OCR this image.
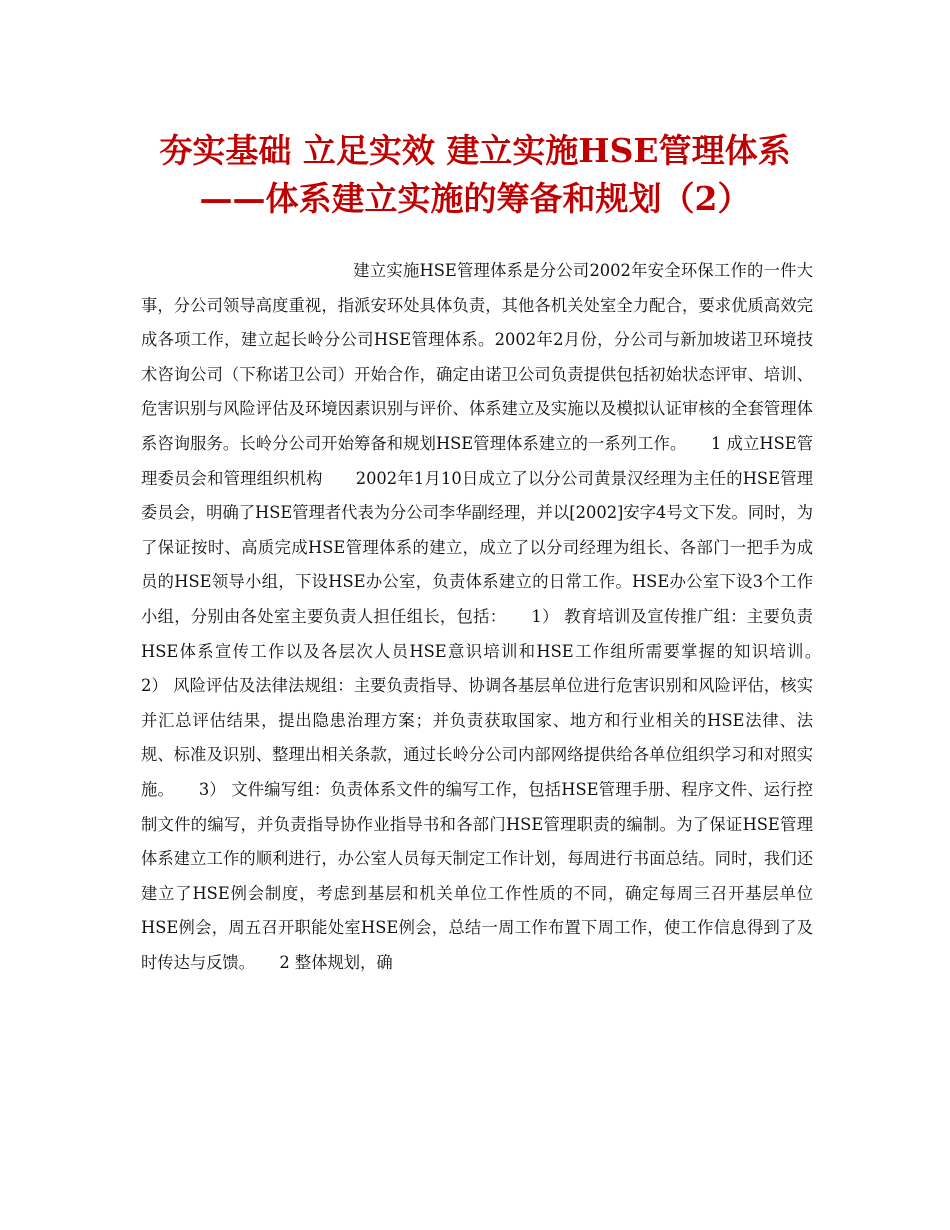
夯实基础 立足实效 建立实施HSE管理体系
——体系建立实施的筹备和规划（2）

建立实施HSE管理体系是分公司2002年安全环保工作的一件大事，分公司领导高度重视，指派安环处具体负责，其他各机关处室全力配合，要求优质高效完成各项工作，建立起长岭分公司HSE管理体系。2002年2月份，分公司与新加坡诺卫环境技术咨询公司（下称诺卫公司）开始合作，确定由诺卫公司负责提供包括初始状态评审、培训、危害识别与风险评估及环境因素识别与评价、体系建立及实施以及模拟认证审核的全套管理体系咨询服务。长岭分公司开始筹备和规划HSE管理体系建立的一系列工作。　　1 成立HSE管理委员会和管理组织机构　　2002年1月10日成立了以分公司黄景汉经理为主任的HSE管理委员会，明确了HSE管理者代表为分公司李华副经理，并以[2002]安字4号文下发。同时，为了保证按时、高质完成HSE管理体系的建立，成立了以分司经理为组长、各部门一把手为成员的HSE领导小组，下设HSE办公室，负责体系建立的日常工作。HSE办公室下设3个工作小组，分别由各处室主要负责人担任组长，包括：　　1） 教育培训及宣传推广组：主要负责HSE体系宣传工作以及各层次人员HSE意识培训和HSE工作组所需要掌握的知识培训。　　2） 风险评估及法律法规组：主要负责指导、协调各基层单位进行危害识别和风险评估，核实并汇总评估结果，提出隐患治理方案；并负责获取国家、地方和行业相关的HSE法律、法规、标准及识别、整理出相关条款，通过长岭分公司内部网络提供给各单位组织学习和对照实施。　　3） 文件编写组：负责体系文件的编写工作，包括HSE管理手册、程序文件、运行控制文件的编写，并负责指导协作业指导书和各部门HSE管理职责的编制。为了保证HSE管理体系建立工作的顺利进行，办公室人员每天制定工作计划，每周进行书面总结。同时，我们还建立了HSE例会制度，考虑到基层和机关单位工作性质的不同，确定每周三召开基层单位HSE例会，周五召开职能处室HSE例会，总结一周工作布置下周工作，使工作信息得到了及时传达与反馈。　　2 整体规划，确
